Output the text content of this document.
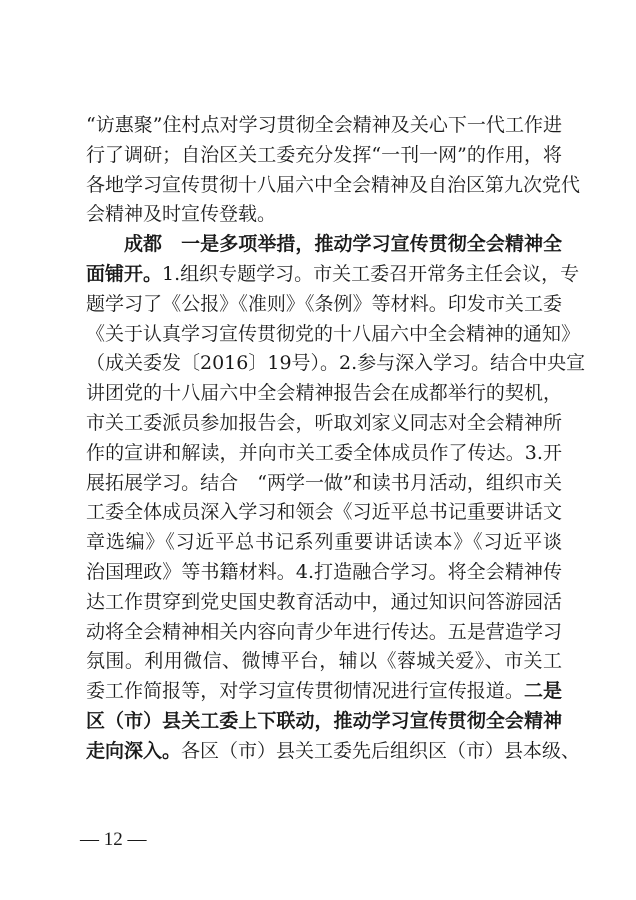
“访惠聚”住村点对学习贯彻全会精神及关心下一代工作进
行了调研；自治区关工委充分发挥“一刊一网”的作用，将
各地学习宣传贯彻十八届六中全会精神及自治区第九次党代
会精神及时宣传登载。
成都　一是多项举措，推动学习宣传贯彻全会精神全
面铺开。1.组织专题学习。市关工委召开常务主任会议，专
题学习了《公报》《准则》《条例》等材料。印发市关工委
《关于认真学习宣传贯彻党的十八届六中全会精神的通知》
（成关委发〔2016〕19号）。2.参与深入学习。结合中央宣
讲团党的十八届六中全会精神报告会在成都举行的契机，
市关工委派员参加报告会，听取刘家义同志对全会精神所
作的宣讲和解读，并向市关工委全体成员作了传达。3.开
展拓展学习。结合　“两学一做”和读书月活动，组织市关
工委全体成员深入学习和领会《习近平总书记重要讲话文
章选编》《习近平总书记系列重要讲话读本》《习近平谈
治国理政》等书籍材料。4.打造融合学习。将全会精神传
达工作贯穿到党史国史教育活动中，通过知识问答游园活
动将全会精神相关内容向青少年进行传达。五是营造学习
氛围。利用微信、微博平台，辅以《蓉城关爱》、市关工
委工作简报等，对学习宣传贯彻情况进行宣传报道。二是
区（市）县关工委上下联动，推动学习宣传贯彻全会精神
走向深入。各区（市）县关工委先后组织区（市）县本级、
— 12 —
